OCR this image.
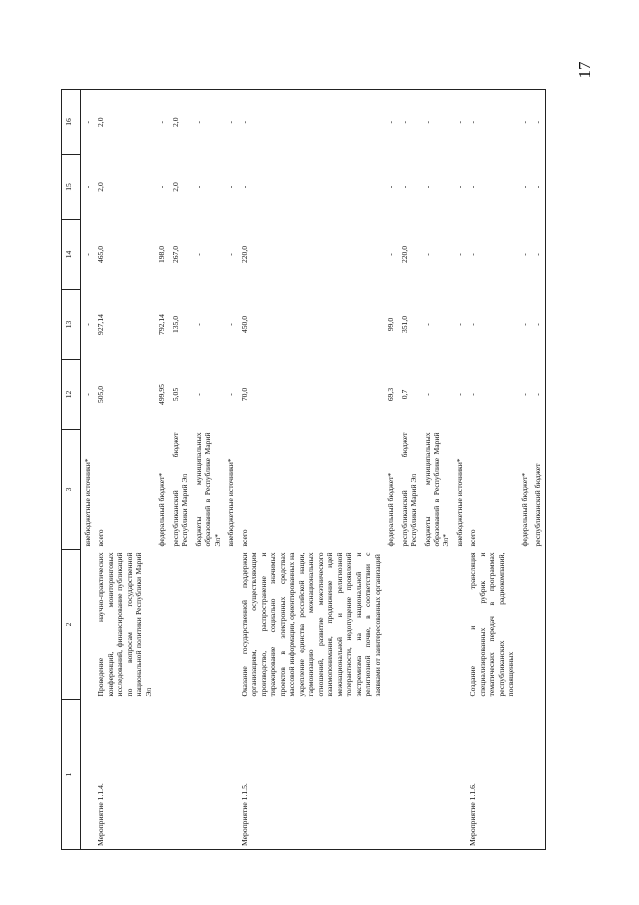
17
1	2	3	12	13	14	15	16
		внебюджетные источники*	-	-	-	-	-
Мероприятие 1.1.4.	Проведение научно-практических конференций, мониторинговых исследований, финансирование публикаций по вопросам государственной национальной политики Республики Марий Эл	всего	505,0	927,14	465,0	2,0	2,0
		федеральный бюджет*	499,95	792,14	198,0	-	-
		республиканский бюджет Республики Марий Эл	5,05	135,0	267,0	2,0	2,0
		бюджеты муниципальных образований в Республике Марий Эл*	-	-	-	-	-
		внебюджетные источники*	-	-	-	-	-
Мероприятие 1.1.5.	Оказание государственной поддержки организациям, осуществляющим производство, распространение и тиражирование социально значимых проектов в электронных средствах массовой информации, ориентированных на укрепление единства российской нации, гармонизацию межнациональных отношений, развитие межэтнического взаимопонимания, продвижение идей межнациональной и религиозной толерантности, недопущение проявлений экстремизма на национальной и религиозной почве, в соответствии с заявками от заинтересованных организаций	всего	70,0	450,0	220,0	-	-
		федеральный бюджет*	69,3	99,0	-	-	-
		республиканский бюджет Республики Марий Эл	0,7	351,0	220,0	-	-
		бюджеты муниципальных образований в Республике Марий Эл*	-	-	-	-	-
		внебюджетные источники*	-	-	-	-	-
Мероприятие 1.1.6.	Создание и трансляция специализированных рубрик и тематических передач в программах республиканских радиокомпаний, посвященных	всего	-	-	-	-	-
		федеральный бюджет*	-	-	-	-	-
		республиканский бюджет	-	-	-	-	-
